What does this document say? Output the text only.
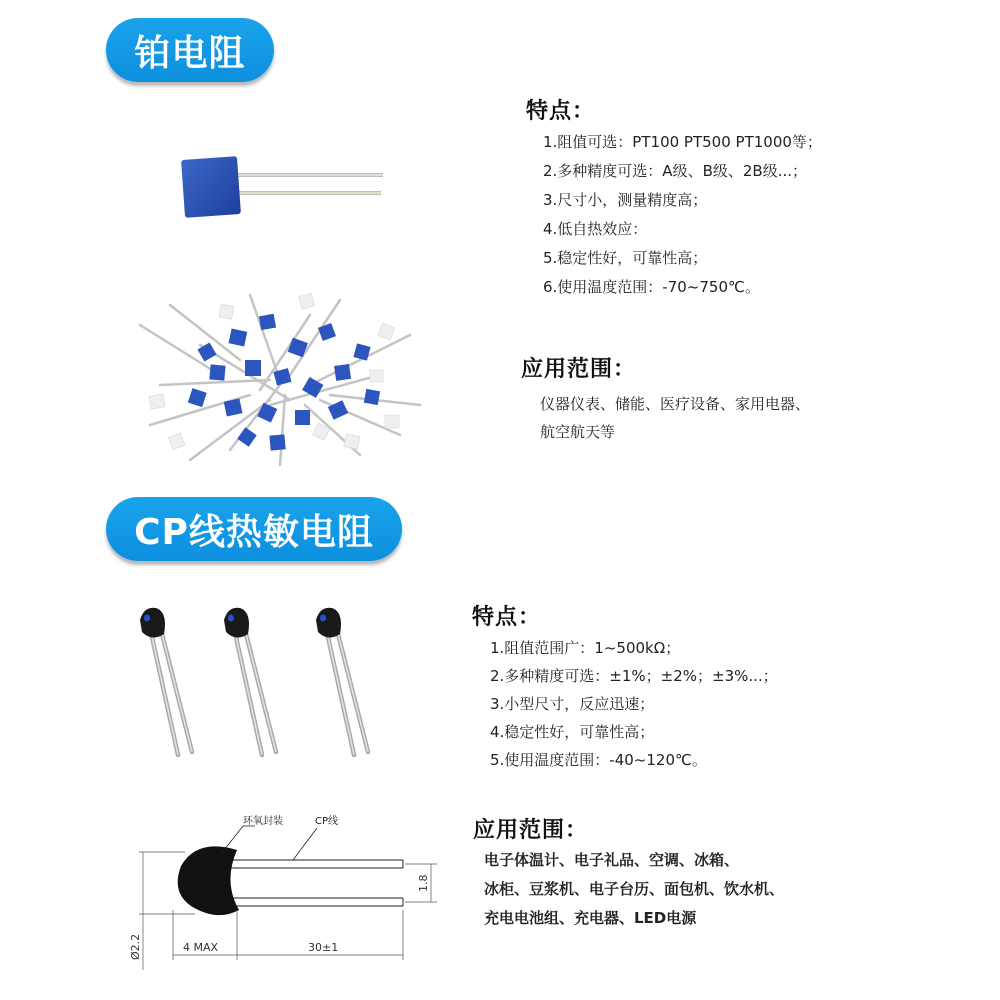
铂电阻
特点：
1.阻值可选：PT100 PT500 PT1000等；
2.多种精度可选：A级、B级、2B级...；
3.尺寸小，测量精度高；
4.低自热效应：
5.稳定性好，可靠性高；
6.使用温度范围：-70~750℃。
应用范围：
仪器仪表、储能、医疗设备、家用电器、
航空航天等
CP线热敏电阻
特点：
1.阻值范围广：1~500kΩ；
2.多种精度可选：±1%；±2%；±3%...；
3.小型尺寸，反应迅速；
4.稳定性好，可靠性高；
5.使用温度范围：-40~120℃。
应用范围：
电子体温计、电子礼品、空调、冰箱、
冰柜、豆浆机、电子台历、面包机、饮水机、
充电电池组、充电器、LED电源
环氧封装	CP线
4 MAX	30±1
Ø2.2
1.8
